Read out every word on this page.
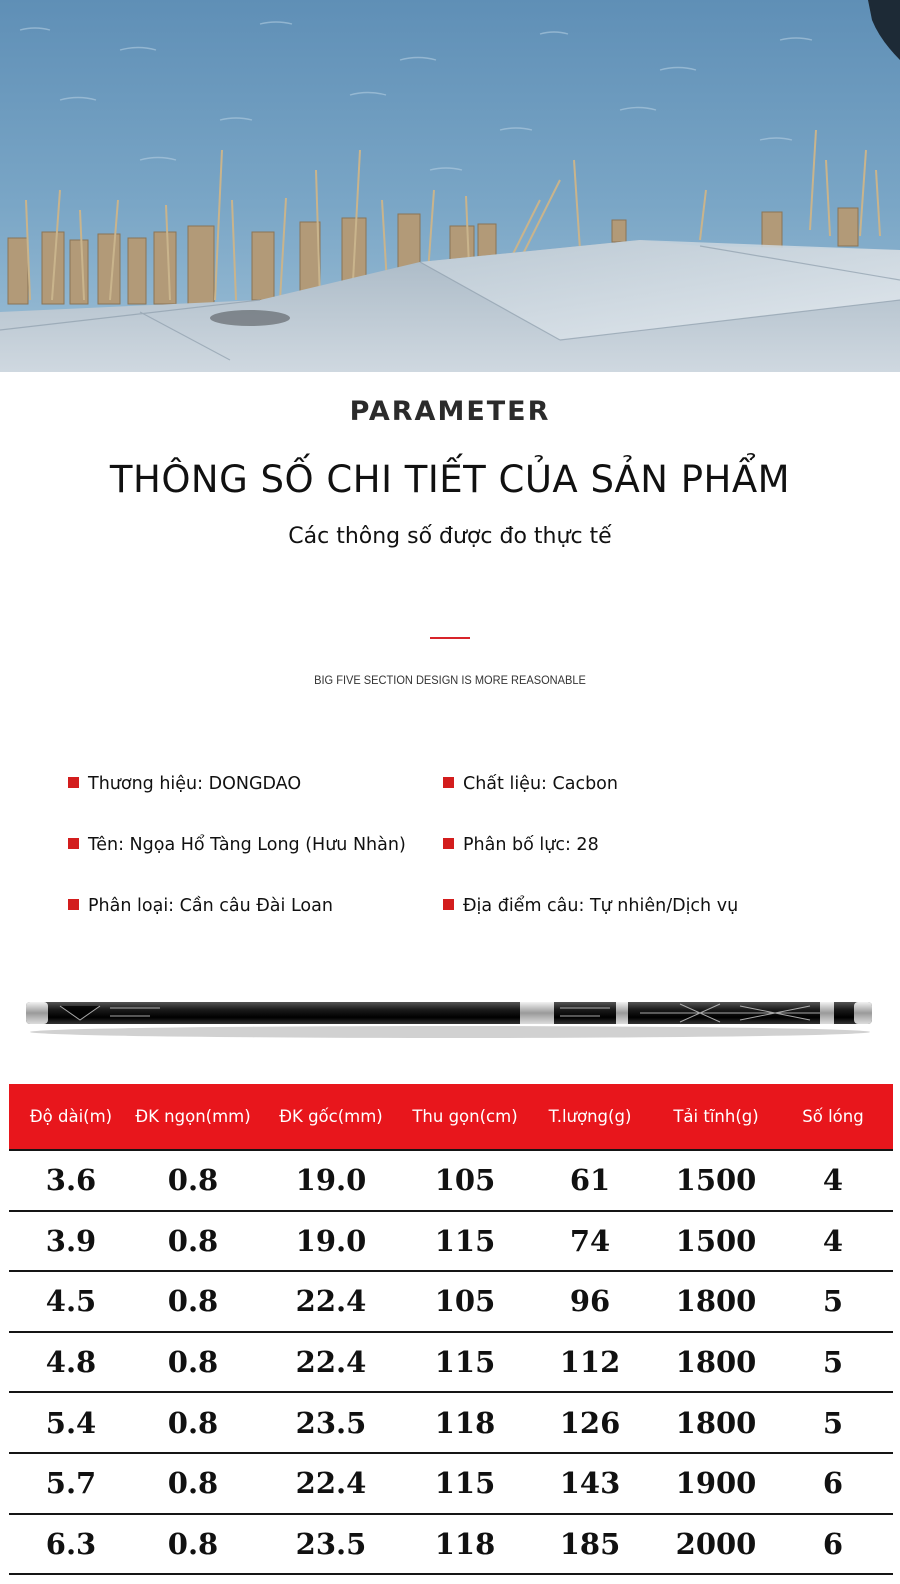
PARAMETER
THÔNG SỐ CHI TIẾT CỦA SẢN PHẨM
Các thông số được đo thực tế
BIG FIVE SECTION DESIGN IS MORE REASONABLE
Thương hiệu: DONGDAO	Chất liệu: Cacbon
Tên: Ngọa Hổ Tàng Long (Hưu Nhàn)	Phân bố lực: 28
Phân loại: Cần câu Đài Loan	Địa điểm câu: Tự nhiên/Dịch vụ
Độ dài(m)	ĐK ngọn(mm)	ĐK gốc(mm)	Thu gọn(cm)	T.lượng(g)	Tải tĩnh(g)	Số lóng
3.6	0.8	19.0	105	61	1500	4
3.9	0.8	19.0	115	74	1500	4
4.5	0.8	22.4	105	96	1800	5
4.8	0.8	22.4	115	112	1800	5
5.4	0.8	23.5	118	126	1800	5
5.7	0.8	22.4	115	143	1900	6
6.3	0.8	23.5	118	185	2000	6
